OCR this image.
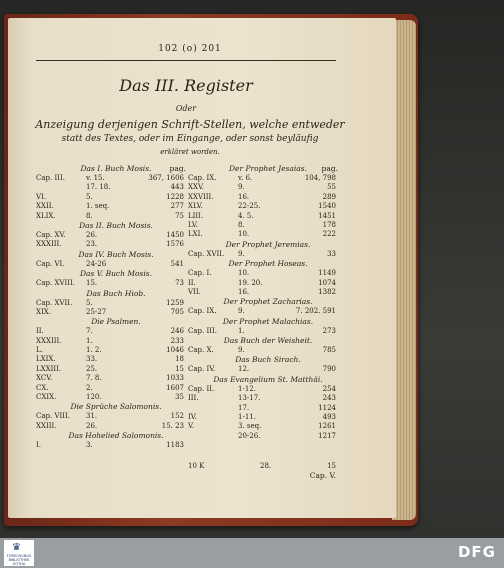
102 (o) 201
Das III. Register
Oder
Anzeigung derjenigen Schrift-Stellen, welche entweder
statt des Textes, oder im Eingange, oder sonst beyläufig
erkläret worden.
Das I. Buch Mosis. pag.
Cap. III.	v. 15.	367, 1606
17. 18.	443
VI.	5.	1228
XXII.	1. seq.	277
XLIX.	8.	75
Das II. Buch Mosis.
Cap. XV.	26.	1450
XXXIII.	23.	1576
Das IV. Buch Mosis.
Cap. VI.	24-26	541
Das V. Buch Mosis.
Cap. XVIII. 15.	73
Das Buch Hiob.
Cap. XVII. 5.	1259
XIX.	25-27	705
Die Psalmen.
II.	7.	246
XXXIII.	1.	233
L.	1. 2.	1046
LXIX.	33.	18
LXXIII.	25.	15
XCV.	7. 8.	1033
CX.	2.	1607
CXIX.	120.	35
Die Sprüche Salomonis.
Cap. VIII. 31.	152
XXIII.	26.	15. 23
Das Hohelied Salomonis.
I.	3.	1183
Der Prophet Jesaias. pag.
Cap. IX.	v. 6.	104, 798
XXV.	9.	55
XXVIII.	16.	289
XLV.	22-25.	1540
LIII.	4. 5.	1451
LV.	8.	178
LXI.	10.	222
Der Prophet Jeremias.
Cap. XVII. 9.	33
Der Prophet Hoseas.
Cap. I.	10.	1149
II.	19. 20.	1074
VII.	16.	1382
Der Prophet Zacharias.
Cap. IX.	9.	7. 202. 591
Der Prophet Malachias.
Cap. III.	1.	273
Das Buch der Weisheit.
Cap. X.	9.	785
Das Buch Sirach.
Cap. IV.	12.	790
Das Evangelium St. Matthäi.
Cap. II.	1-12.	254
III.	13-17.	243
17.	1124
IV.	1-11.	493
V.	3. seq.	1261
20-26.	1217
10 K	28.	15
Cap. V.
♛
FORSCHUNGS BIBLIOTHEK GOTHA
DFG
